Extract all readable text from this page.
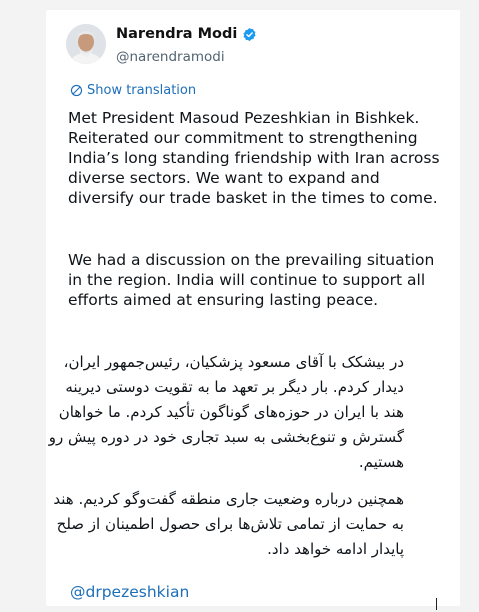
Narendra Modi
@narendramodi
Show translation

Met President Masoud Pezeshkian in Bishkek. Reiterated our commitment to strengthening India’s long standing friendship with Iran across diverse sectors. We want to expand and diversify our trade basket in the times to come.

We had a discussion on the prevailing situation in the region. India will continue to support all efforts aimed at ensuring lasting peace.

در بیشکک با آقای مسعود پزشکیان، رئیس‌جمهور ایران، دیدار کردم. بار دیگر بر تعهد ما به تقویت دوستی دیرینه هند با ایران در حوزه‌های گوناگون تأکید کردم. ما خواهان گسترش و تنوع‌بخشی به سبد تجاری خود در دوره پیش رو هستیم.

همچنین درباره وضعیت جاری منطقه گفت‌وگو کردیم. هند به حمایت از تمامی تلاش‌ها برای حصول اطمینان از صلح پایدار ادامه خواهد داد.

@drpezeshkian
